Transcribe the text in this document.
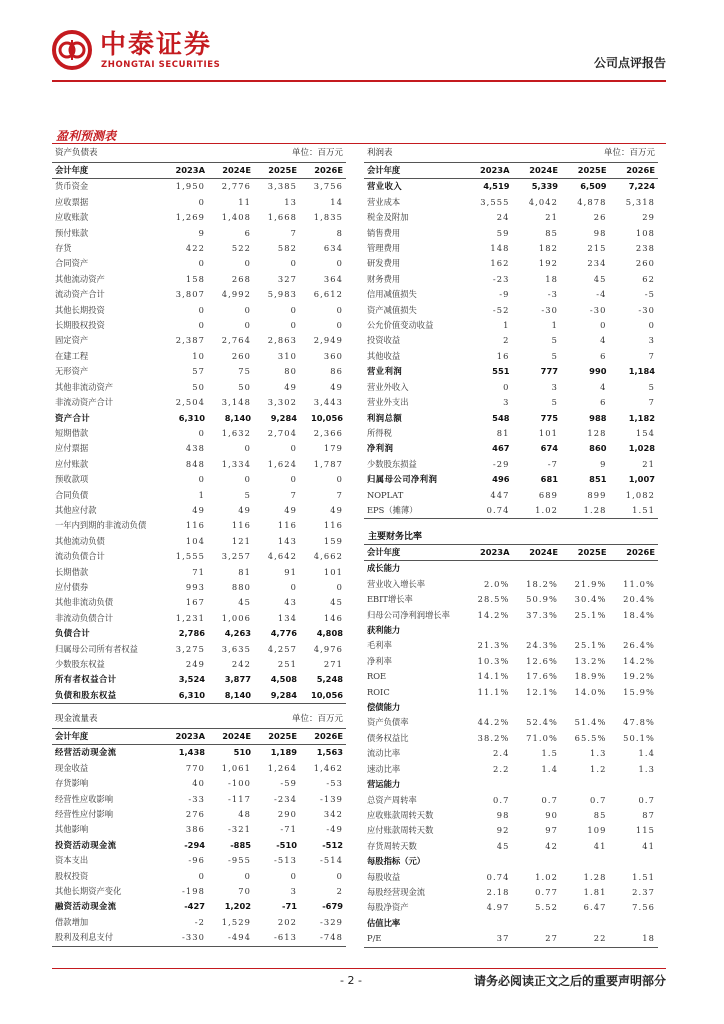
中泰证券
ZHONGTAI SECURITIES	公司点评报告
盈利预测表
资产负债表	单位：百万元
会计年度	2023A	2024E	2025E	2026E
货币资金	1,950	2,776	3,385	3,756
应收票据	0	11	13	14
应收账款	1,269	1,408	1,668	1,835
预付账款	9	6	7	8
存货	422	522	582	634
合同资产	0	0	0	0
其他流动资产	158	268	327	364
流动资产合计	3,807	4,992	5,983	6,612
其他长期投资	0	0	0	0
长期股权投资	0	0	0	0
固定资产	2,387	2,764	2,863	2,949
在建工程	10	260	310	360
无形资产	57	75	80	86
其他非流动资产	50	50	49	49
非流动资产合计	2,504	3,148	3,302	3,443
资产合计	6,310	8,140	9,284	10,056
短期借款	0	1,632	2,704	2,366
应付票据	438	0	0	179
应付账款	848	1,334	1,624	1,787
预收款项	0	0	0	0
合同负债	1	5	7	7
其他应付款	49	49	49	49
一年内到期的非流动负债	116	116	116	116
其他流动负债	104	121	143	159
流动负债合计	1,555	3,257	4,642	4,662
长期借款	71	81	91	101
应付债券	993	880	0	0
其他非流动负债	167	45	43	45
非流动负债合计	1,231	1,006	134	146
负债合计	2,786	4,263	4,776	4,808
归属母公司所有者权益	3,275	3,635	4,257	4,976
少数股东权益	249	242	251	271
所有者权益合计	3,524	3,877	4,508	5,248
负债和股东权益	6,310	8,140	9,284	10,056
利润表	单位：百万元
会计年度	2023A	2024E	2025E	2026E
营业收入	4,519	5,339	6,509	7,224
营业成本	3,555	4,042	4,878	5,318
税金及附加	24	21	26	29
销售费用	59	85	98	108
管理费用	148	182	215	238
研发费用	162	192	234	260
财务费用	-23	18	45	62
信用减值损失	-9	-3	-4	-5
资产减值损失	-52	-30	-30	-30
公允价值变动收益	1	1	0	0
投资收益	2	5	4	3
其他收益	16	5	6	7
营业利润	551	777	990	1,184
营业外收入	0	3	4	5
营业外支出	3	5	6	7
利润总额	548	775	988	1,182
所得税	81	101	128	154
净利润	467	674	860	1,028
少数股东损益	-29	-7	9	21
归属母公司净利润	496	681	851	1,007
NOPLAT	447	689	899	1,082
EPS（摊薄）	0.74	1.02	1.28	1.51
主要财务比率
会计年度	2023A	2024E	2025E	2026E
成长能力				
营业收入增长率	2.0%	18.2%	21.9%	11.0%
EBIT增长率	28.5%	50.9%	30.4%	20.4%
归母公司净利润增长率	14.2%	37.3%	25.1%	18.4%
获利能力				
毛利率	21.3%	24.3%	25.1%	26.4%
净利率	10.3%	12.6%	13.2%	14.2%
ROE	14.1%	17.6%	18.9%	19.2%
ROIC	11.1%	12.1%	14.0%	15.9%
偿债能力				
资产负债率	44.2%	52.4%	51.4%	47.8%
债务权益比	38.2%	71.0%	65.5%	50.1%
流动比率	2.4	1.5	1.3	1.4
速动比率	2.2	1.4	1.2	1.3
营运能力				
总资产周转率	0.7	0.7	0.7	0.7
应收账款周转天数	98	90	85	87
应付账款周转天数	92	97	109	115
存货周转天数	45	42	41	41
每股指标（元）				
每股收益	0.74	1.02	1.28	1.51
每股经营现金流	2.18	0.77	1.81	2.37
每股净资产	4.97	5.52	6.47	7.56
估值比率				
P/E	37	27	22	18
现金流量表	单位：百万元
会计年度	2023A	2024E	2025E	2026E
经营活动现金流	1,438	510	1,189	1,563
现金收益	770	1,061	1,264	1,462
存货影响	40	-100	-59	-53
经营性应收影响	-33	-117	-234	-139
经营性应付影响	276	48	290	342
其他影响	386	-321	-71	-49
投资活动现金流	-294	-885	-510	-512
资本支出	-96	-955	-513	-514
股权投资	0	0	0	0
其他长期资产变化	-198	70	3	2
融资活动现金流	-427	1,202	-71	-679
借款增加	-2	1,529	202	-329
股利及利息支付	-330	-494	-613	-748
- 2 -	请务必阅读正文之后的重要声明部分
